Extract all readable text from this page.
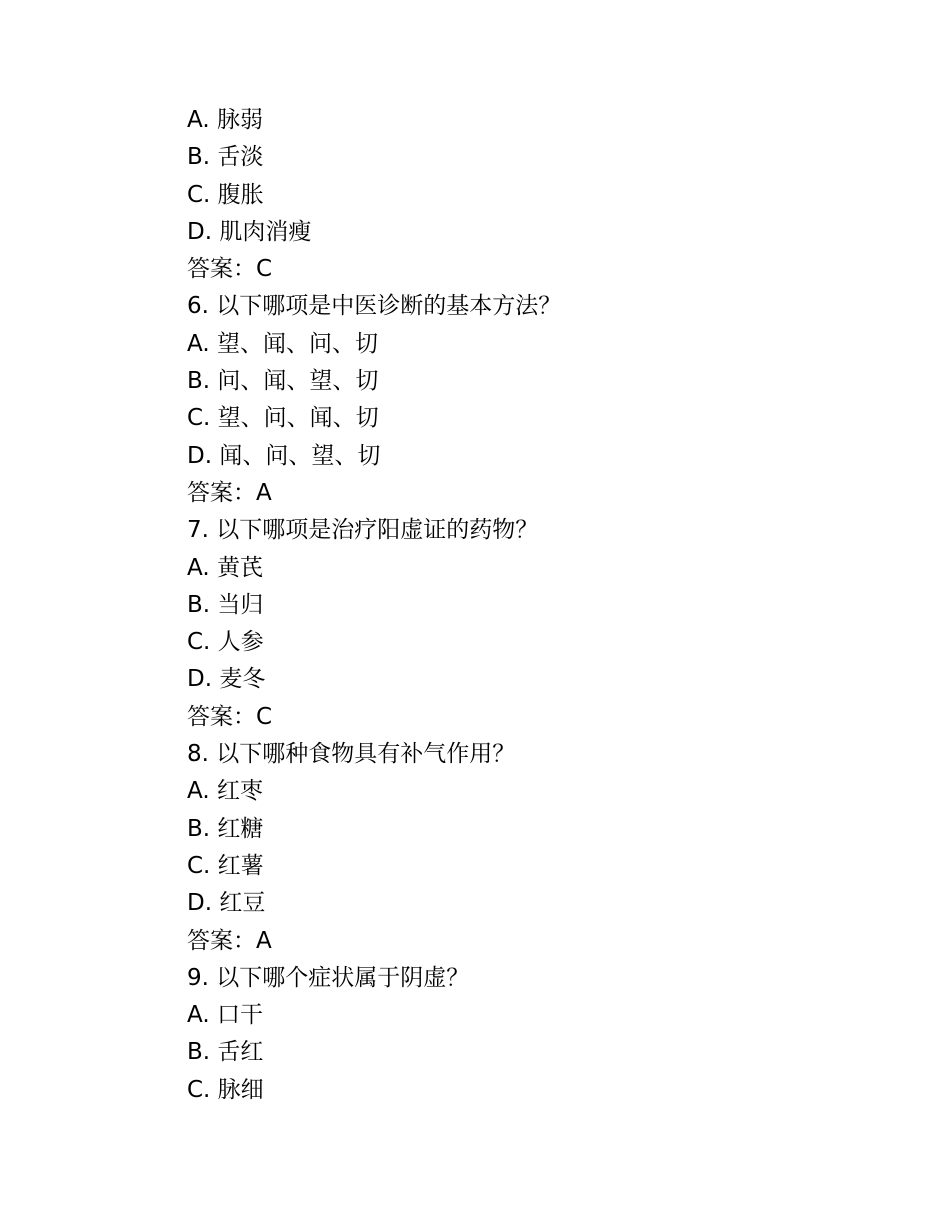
A. 脉弱
B. 舌淡
C. 腹胀
D. 肌肉消瘦
答案：C
6. 以下哪项是中医诊断的基本方法？
A. 望、闻、问、切
B. 问、闻、望、切
C. 望、问、闻、切
D. 闻、问、望、切
答案：A
7. 以下哪项是治疗阳虚证的药物？
A. 黄芪
B. 当归
C. 人参
D. 麦冬
答案：C
8. 以下哪种食物具有补气作用？
A. 红枣
B. 红糖
C. 红薯
D. 红豆
答案：A
9. 以下哪个症状属于阴虚？
A. 口干
B. 舌红
C. 脉细
